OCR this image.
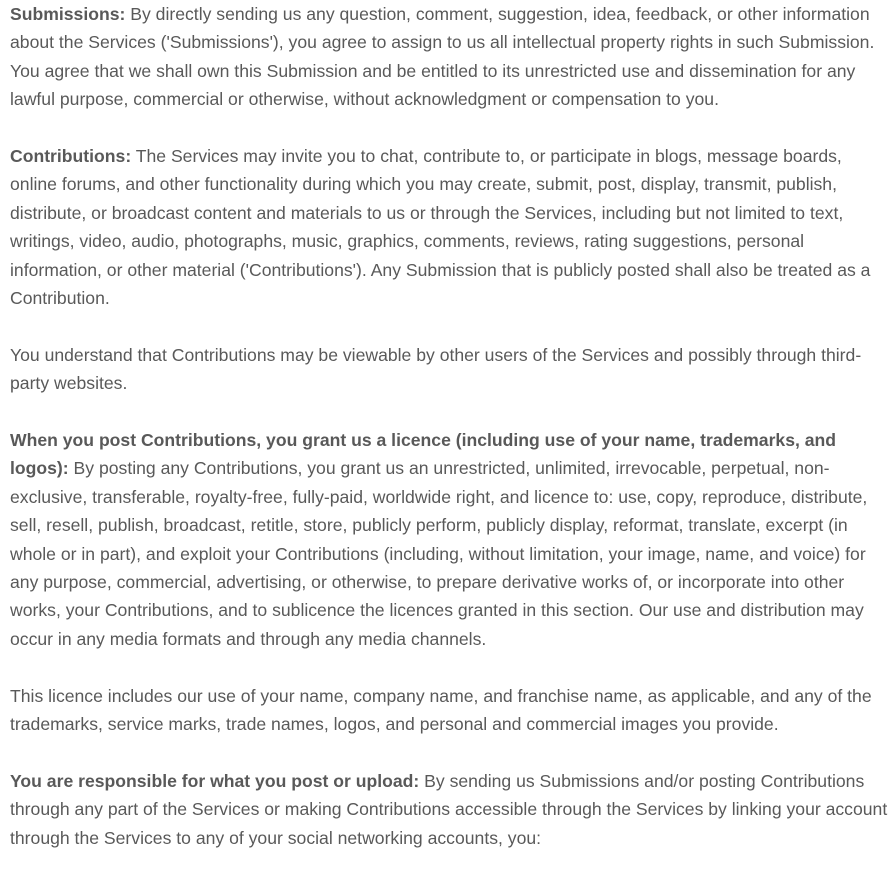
Submissions: By directly sending us any question, comment, suggestion, idea, feedback, or other information about the Services ('Submissions'), you agree to assign to us all intellectual property rights in such Submission. You agree that we shall own this Submission and be entitled to its unrestricted use and dissemination for any lawful purpose, commercial or otherwise, without acknowledgment or compensation to you.

Contributions: The Services may invite you to chat, contribute to, or participate in blogs, message boards, online forums, and other functionality during which you may create, submit, post, display, transmit, publish, distribute, or broadcast content and materials to us or through the Services, including but not limited to text, writings, video, audio, photographs, music, graphics, comments, reviews, rating suggestions, personal information, or other material ('Contributions'). Any Submission that is publicly posted shall also be treated as a Contribution.

You understand that Contributions may be viewable by other users of the Services and possibly through third-party websites.

When you post Contributions, you grant us a licence (including use of your name, trademarks, and logos): By posting any Contributions, you grant us an unrestricted, unlimited, irrevocable, perpetual, non-exclusive, transferable, royalty-free, fully-paid, worldwide right, and licence to: use, copy, reproduce, distribute, sell, resell, publish, broadcast, retitle, store, publicly perform, publicly display, reformat, translate, excerpt (in whole or in part), and exploit your Contributions (including, without limitation, your image, name, and voice) for any purpose, commercial, advertising, or otherwise, to prepare derivative works of, or incorporate into other works, your Contributions, and to sublicence the licences granted in this section. Our use and distribution may occur in any media formats and through any media channels.

This licence includes our use of your name, company name, and franchise name, as applicable, and any of the trademarks, service marks, trade names, logos, and personal and commercial images you provide.

You are responsible for what you post or upload: By sending us Submissions and/or posting Contributions through any part of the Services or making Contributions accessible through the Services by linking your account through the Services to any of your social networking accounts, you:
